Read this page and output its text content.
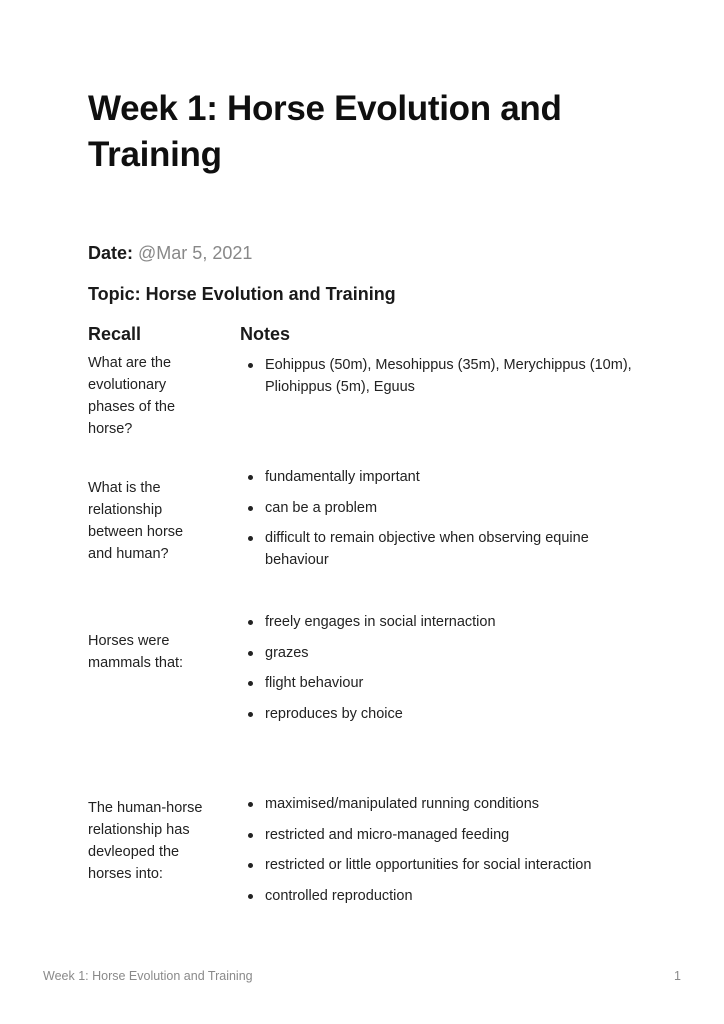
Week 1: Horse Evolution and Training
Date: @Mar 5, 2021
Topic: Horse Evolution and Training
Recall	Notes
What are the evolutionary phases of the horse?
Eohippus (50m), Mesohippus (35m), Merychippus (10m), Pliohippus (5m), Eguus
What is the relationship between horse and human?
fundamentally important
can be a problem
difficult to remain objective when observing equine behaviour
Horses were mammals that:
freely engages in social internaction
grazes
flight behaviour
reproduces by choice
The human-horse relationship has devleoped the horses into:
maximised/manipulated running conditions
restricted and micro-managed feeding
restricted or little opportunities for social interaction
controlled reproduction
Week 1: Horse Evolution and Training	1
